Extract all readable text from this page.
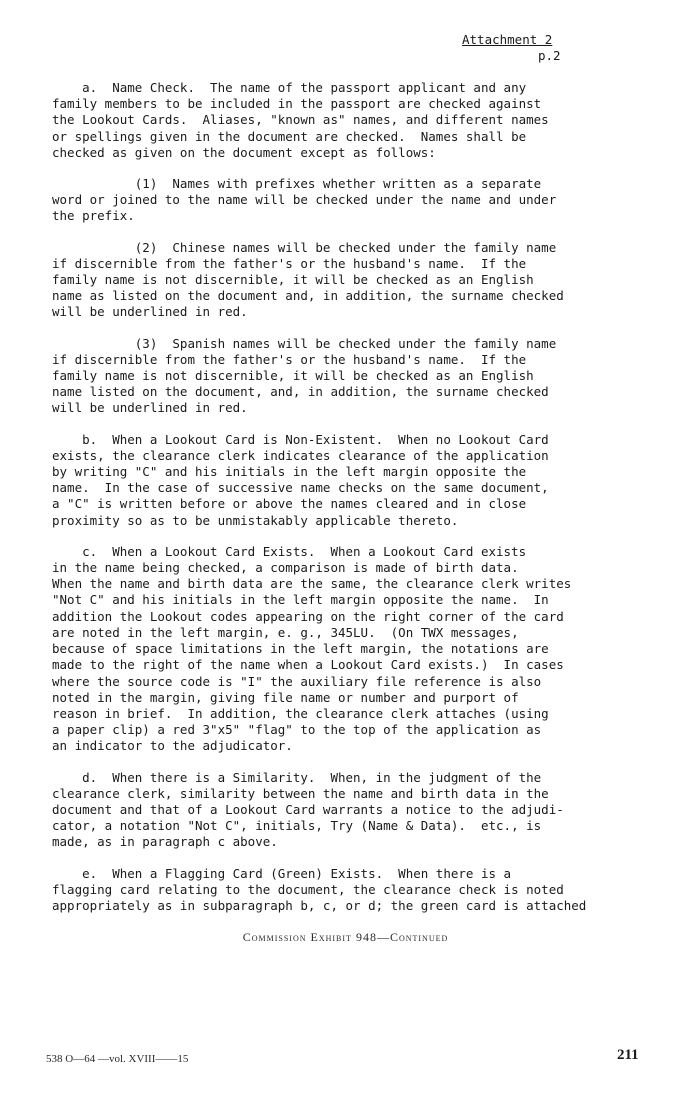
Attachment 2
p.2
a.  Name Check.  The name of the passport applicant and any
family members to be included in the passport are checked against
the Lookout Cards.  Aliases, "known as" names, and different names
or spellings given in the document are checked.  Names shall be
checked as given on the document except as follows:
(1)  Names with prefixes whether written as a separate
word or joined to the name will be checked under the name and under
the prefix.
(2)  Chinese names will be checked under the family name
if discernible from the father's or the husband's name.  If the
family name is not discernible, it will be checked as an English
name as listed on the document and, in addition, the surname checked
will be underlined in red.
(3)  Spanish names will be checked under the family name
if discernible from the father's or the husband's name.  If the
family name is not discernible, it will be checked as an English
name listed on the document, and, in addition, the surname checked
will be underlined in red.
b.  When a Lookout Card is Non-Existent.  When no Lookout Card
exists, the clearance clerk indicates clearance of the application
by writing "C" and his initials in the left margin opposite the
name.  In the case of successive name checks on the same document,
a "C" is written before or above the names cleared and in close
proximity so as to be unmistakably applicable thereto.
c.  When a Lookout Card Exists.  When a Lookout Card exists
in the name being checked, a comparison is made of birth data.
When the name and birth data are the same, the clearance clerk writes
"Not C" and his initials in the left margin opposite the name.  In
addition the Lookout codes appearing on the right corner of the card
are noted in the left margin, e. g., 345LU.  (On TWX messages,
because of space limitations in the left margin, the notations are
made to the right of the name when a Lookout Card exists.)  In cases
where the source code is "I" the auxiliary file reference is also
noted in the margin, giving file name or number and purport of
reason in brief.  In addition, the clearance clerk attaches (using
a paper clip) a red 3"x5" "flag" to the top of the application as
an indicator to the adjudicator.
d.  When there is a Similarity.  When, in the judgment of the
clearance clerk, similarity between the name and birth data in the
document and that of a Lookout Card warrants a notice to the adjudi-
cator, a notation "Not C", initials, Try (Name & Data).  etc., is
made, as in paragraph c above.
e.  When a Flagging Card (Green) Exists.  When there is a
flagging card relating to the document, the clearance check is noted
appropriately as in subparagraph b, c, or d; the green card is attached
Commission Exhibit 948—Continued
538 O—64 —vol. XVIII——15	211
